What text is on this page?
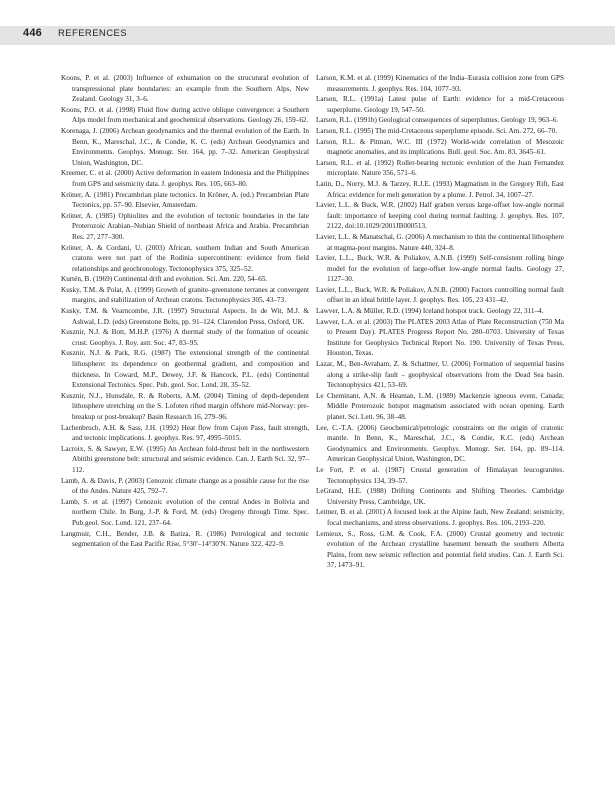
446 REFERENCES

Koons, P. et al. (2003) Influence of exhumation on the strucutural evolution of transpressional plate boundaries: an example from the Southern Alps, New Zealand. Geology 31, 3–6.

Koons, P.O. et al. (1998) Fluid flow during active oblique convergence: a Southern Alps model from mechanical and geochemical observations. Geology 26, 159–62.

Korenaga, J. (2006) Archean geodynamics and the thermal evolution of the Earth. In Benn, K., Mareschal, J.C., & Condie, K. C. (eds) Archean Geodynamics and Environments. Geophys. Monogr. Ser. 164, pp. 7–32. American Geophysical Union, Washington, DC.

Kreemer, C. et al. (2000) Active deformation in eastern Indonesia and the Philippines from GPS and seismicity data. J. geophys. Res. 105, 663–80.

Kröner, A. (1981) Precambrian plate tectonics. In Kröner, A. (ed.) Precambrian Plate Tectonics, pp. 57–90. Elsevier, Amsterdam.

Kröner, A. (1985) Ophiolites and the evolution of tectonic boundaries in the late Proterozoic Arabian–Nubian Shield of northeast Africa and Arabia. Precambrian Res. 27, 277–300.

Kröner, A. & Cordani, U. (2003) African, southern Indian and South American cratons were not part of the Rodinia supercontinent: evidence from field relationships and geochronology. Tectonophysics 375, 325–52.

Kurtén, B. (1969) Continental drift and evolution. Sci. Am. 220, 54–65.

Kusky, T.M. & Polat, A. (1999) Growth of granite–greenstone terranes at convergent margins, and stabilization of Archean cratons. Tectonophysics 305, 43–73.

Kusky, T.M. & Vearncombe, J.R. (1997) Structural Aspects. In de Wit, M.J. & Ashwal, L.D. (eds) Greenstone Belts, pp. 91–124. Clarendon Press, Oxford, UK.

Kusznir, N.J. & Bott, M.H.P. (1976) A thermal study of the formation of oceanic crust. Geophys. J. Roy. astr. Soc. 47, 83–95.

Kusznir, N.J. & Park, R.G. (1987) The extensional strength of the continental lithosphere: its dependence on geothermal gradient, and composition and thickness. In Coward, M.P., Dewey, J.F. & Hancock, P.L. (eds) Continental Extensional Tectonics. Spec. Pub. geol. Soc. Lond. 28, 35–52.

Kusznir, N.J., Hunsdale, R. & Roberts, A.M. (2004) Timing of depth-dependent lithosphere stretching on the S. Lofoten rifted margin offshore mid-Norway: pre-breakup or post-breakup? Basin Research 16, 279–96.

Lachenbruch, A.H. & Sass, J.H. (1992) Heat flow from Cajon Pass, fault strength, and tectonic implications. J. geophys. Res. 97, 4995–5015.

Lacroix, S. & Sawyer, E.W. (1995) An Archean fold-thrust belt in the northwestern Abitibi greenstone belt: structural and seismic evidence. Can. J. Earth Sci. 32, 97–112.

Lamb, A. & Davis, P. (2003) Cenozoic climate change as a possible cause for the rise of the Andes. Nature 425, 792–7.

Lamb, S. et al. (1997) Cenozoic evolution of the central Andes in Bolivia and northern Chile. In Burg, J.-P. & Ford, M. (eds) Orogeny through Time. Spec. Pub.geol. Soc. Lond. 121, 237–64.

Langmuir, C.H., Bender, J.B. & Batiza, R. (1986) Petrological and tectonic segmentation of the East Pacific Rise, 5°30′–14°30′N. Nature 322, 422–9.

Larson, K.M. et al. (1999) Kinematics of the India–Eurasia collision zone from GPS measurements. J. geophys. Res. 104, 1077–93.

Larson, R.L. (1991a) Latest pulse of Earth: evidence for a mid-Cretaceous superplume. Geology 19, 547–50.

Larson, R.L. (1991b) Geological consequences of superplumes. Geology 19, 963–6.

Larson, R.L. (1995) The mid-Cretaceous superplume episode. Sci. Am. 272, 66–70.

Larson, R.L. & Pitman, W.C. III (1972) World-wide correlation of Mesozoic magnetic anomalies, and its implications. Bull. geol. Soc. Am. 83, 3645–61.

Larson, R.L. et al. (1992) Roller-bearing tectonic evolution of the Juan Fernandez microplate. Nature 356, 571–6.

Latin, D., Norry, M.J. & Tarzey, R.J.E. (1993) Magmatism in the Gregory Rift, East Africa: evidence for melt generation by a plume. J. Petrol. 34, 1007–27.

Lavier, L.L. & Buck, W.R. (2002) Half graben versus large-offset low-angle normal fault: importance of keeping cool during normal faulting. J. geophys. Res. 107, 2122, doi:10.1029/2001JB000513.

Lavier, L.L. & Manatschal, G. (2006) A mechanism to thin the continental lithosphere at magma-poor margins. Nature 440, 324–8.

Lavier, L.L., Buck, W.R. & Poliakov, A.N.B. (1999) Self-consistent rolling hinge model for the evolution of large-offset low-angle normal faults. Geology 27, 1127–30.

Lavier, L.L., Buck, W.R. & Poliakov, A.N.B. (2000) Factors controlling normal fault offset in an ideal brittle layer. J. geophys. Res. 105, 23 431–42.

Lawver, L.A. & Müller, R.D. (1994) Iceland hotspot track. Geology 22, 311–4.

Lawver, L.A. et al. (2003) The PLATES 2003 Atlas of Plate Reconstruction (750 Ma to Present Day). PLATES Progress Report No. 280–0703. University of Texas Institute for Geophysics Technical Report No. 190. University of Texas Press, Houston, Texas.

Lazar, M., Ben-Avraham, Z. & Schattner, U. (2006) Formation of sequential basins along a strike-slip fault – geophysical observations from the Dead Sea basin. Tectonophysics 421, 53–69.

Le Cheminant, A.N. & Heaman, L.M. (1989) Mackenzie igneous event, Canada; Middle Proterozoic hotspot magmatism associated with ocean opening. Earth planet. Sci. Lett. 96, 38–48.

Lee, C.-T.A. (2006) Geochemical/petrologic constraints on the origin of cratonic mantle. In Benn, K., Mareschal, J.C., & Condie, K.C. (eds) Archean Geodynamics and Environments. Geophys. Monogr. Ser. 164, pp. 89–114. American Geophysical Union, Washington, DC.

Le Fort, P. et al. (1987) Crustal generation of Himalayan leucogranites. Tectonophysics 134, 39–57.

LeGrand, H.E. (1988) Drifting Continents and Shifting Theories. Cambridge University Press, Cambridge, UK.

Leitner, B. et al. (2001) A focused look at the Alpine fault, New Zealand: seismicity, focal mechanisms, and stress observations. J. geophys. Res. 106, 2193–220.

Lemieux, S., Ross, G.M. & Cook, F.A. (2000) Crustal geometry and tectonic evolution of the Archean crystalline basement beneath the southern Alberta Plains, from new seismic reflection and potential field studies. Can. J. Earth Sci. 37, 1473–91.
